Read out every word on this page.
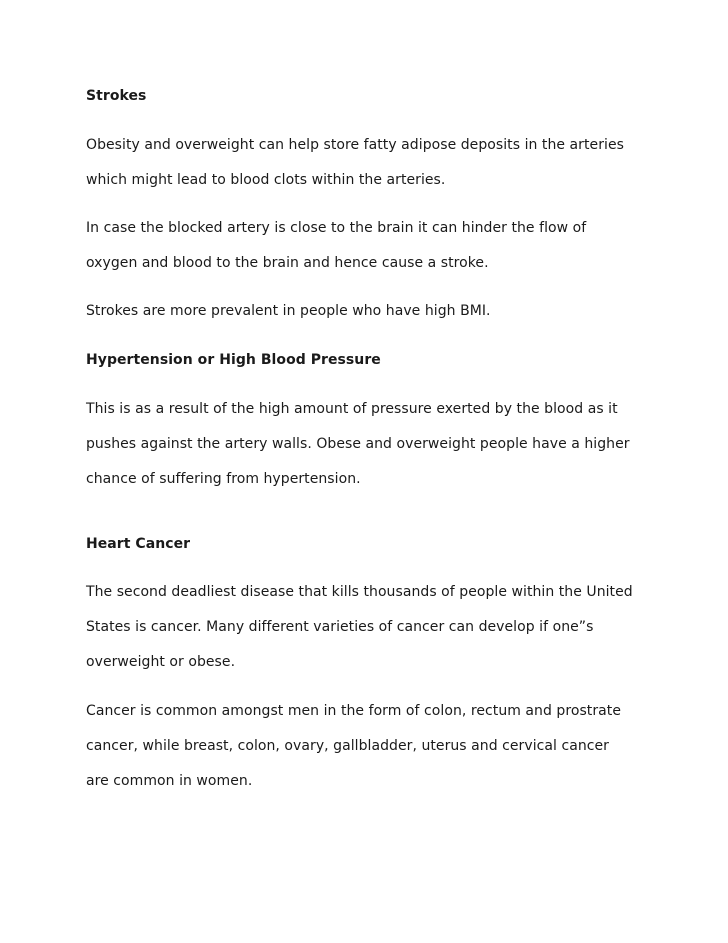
Strokes

Obesity and overweight can help store fatty adipose deposits in the arteries
which might lead to blood clots within the arteries.

In case the blocked artery is close to the brain it can hinder the flow of
oxygen and blood to the brain and hence cause a stroke.

Strokes are more prevalent in people who have high BMI.

Hypertension or High Blood Pressure

This is as a result of the high amount of pressure exerted by the blood as it
pushes against the artery walls. Obese and overweight people have a higher
chance of suffering from hypertension.

Heart Cancer

The second deadliest disease that kills thousands of people within the United
States is cancer. Many different varieties of cancer can develop if one”s
overweight or obese.

Cancer is common amongst men in the form of colon, rectum and prostrate
cancer, while breast, colon, ovary, gallbladder, uterus and cervical cancer
are common in women.
